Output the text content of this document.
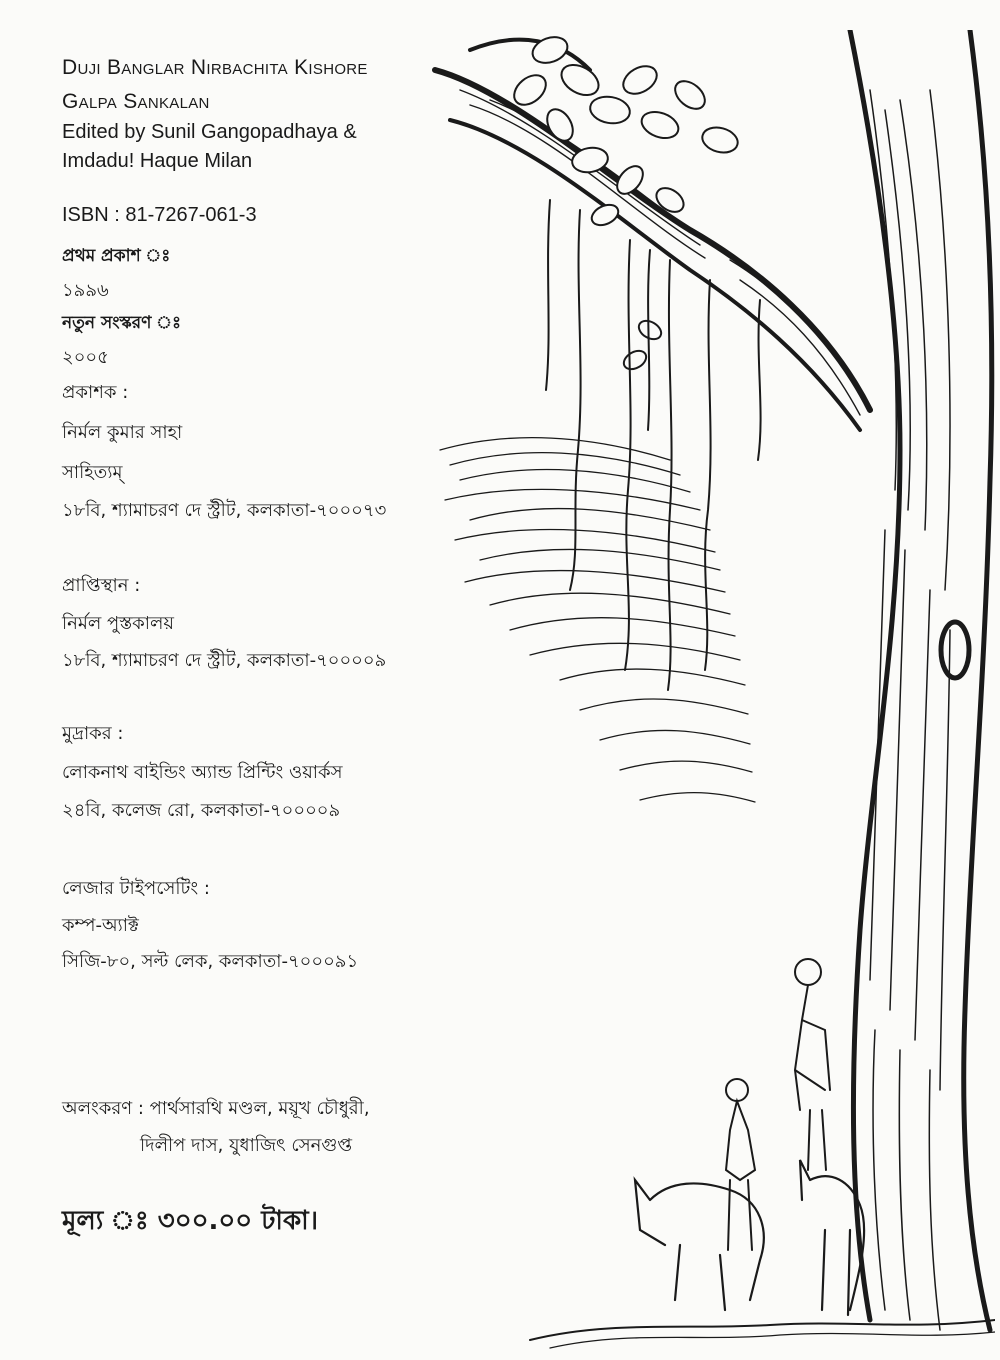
Duji Banglar Nirbachita Kishore
Galpa Sankalan
Edited by Sunil Gangopadhaya &
Imdadu! Haque Milan
ISBN : 81-7267-061-3
প্রথম প্রকাশ ঃ
১৯৯৬
নতুন সংস্করণ ঃ
২০০৫
প্রকাশক :
নির্মল কুমার সাহা
সাহিত্যম্
১৮বি, শ্যামাচরণ দে স্ট্রীট, কলকাতা-৭০০০৭৩
প্রাপ্তিস্থান :
নির্মল পুস্তকালয়
১৮বি, শ্যামাচরণ দে স্ট্রীট, কলকাতা-৭০০০০৯
মুদ্রাকর :
লোকনাথ বাইন্ডিং অ্যান্ড প্রিন্টিং ওয়ার্কস
২৪বি, কলেজ রো, কলকাতা-৭০০০০৯
লেজার টাইপসেটিং :
কম্প-অ্যাক্ট
সিজি-৮০, সল্ট লেক, কলকাতা-৭০০০৯১
অলংকরণ : পার্থসারথি মণ্ডল, ময়ূখ চৌধুরী,
দিলীপ দাস, যুধাজিৎ সেনগুপ্ত
মূল্য ঃ ৩০০.০০ টাকা।
